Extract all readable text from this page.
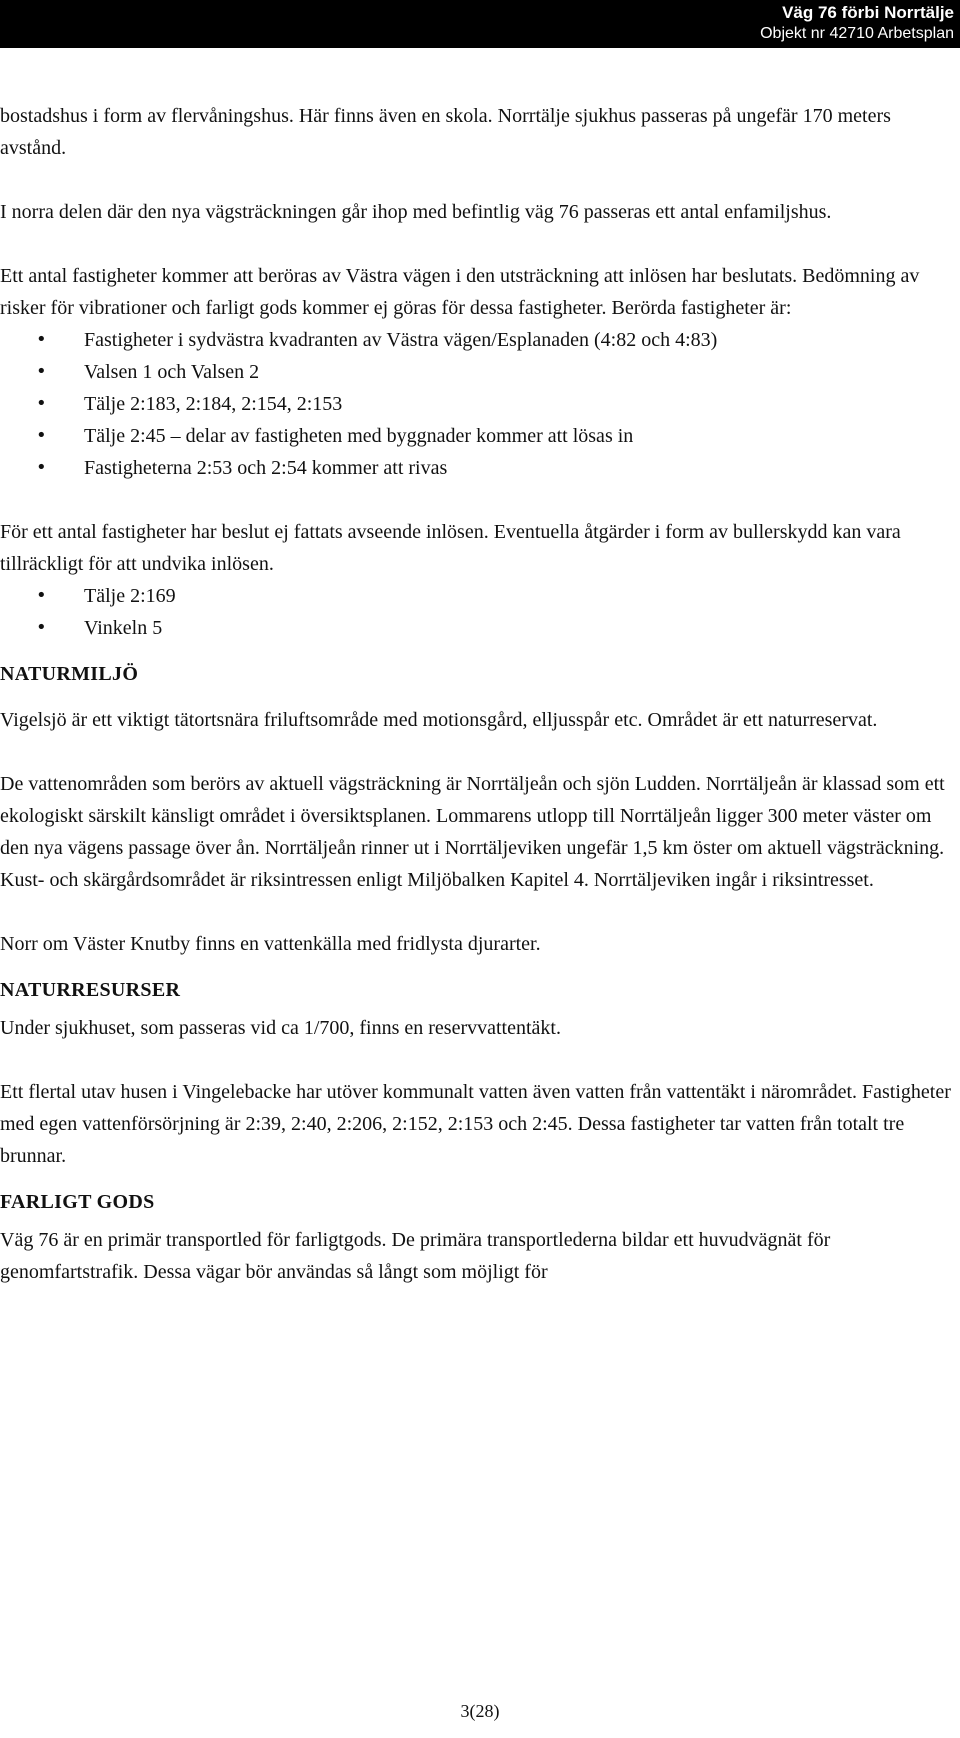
Väg 76 förbi Norrtälje
Objekt nr 42710 Arbetsplan

bostadshus i form av flervåningshus. Här finns även en skola. Norrtälje sjukhus passeras på ungefär 170 meters avstånd.

I norra delen där den nya vägsträckningen går ihop med befintlig väg 76 passeras ett antal enfamiljshus.

Ett antal fastigheter kommer att beröras av Västra vägen i den utsträckning att inlösen har beslutats. Bedömning av risker för vibrationer och farligt gods kommer ej göras för dessa fastigheter. Berörda fastigheter är:

• Fastigheter i sydvästra kvadranten av Västra vägen/Esplanaden (4:82 och 4:83)
• Valsen 1 och Valsen 2
• Tälje 2:183, 2:184, 2:154, 2:153
• Tälje 2:45 – delar av fastigheten med byggnader kommer att lösas in
• Fastigheterna 2:53 och 2:54 kommer att rivas

För ett antal fastigheter har beslut ej fattats avseende inlösen. Eventuella åtgärder i form av bullerskydd kan vara tillräckligt för att undvika inlösen.

• Tälje 2:169
• Vinkeln 5
NATURMILJÖ

Vigelsjö är ett viktigt tätortsnära friluftsområde med motionsgård, elljusspår etc. Området är ett naturreservat.

De vattenområden som berörs av aktuell vägsträckning är Norrtäljeån och sjön Ludden. Norrtäljeån är klassad som ett ekologiskt särskilt känsligt området i översiktsplanen. Lommarens utlopp till Norrtäljeån ligger 300 meter väster om den nya vägens passage över ån. Norrtäljeån rinner ut i Norrtäljeviken ungefär 1,5 km öster om aktuell vägsträckning. Kust- och skärgårdsområdet är riksintressen enligt Miljöbalken Kapitel 4. Norrtäljeviken ingår i riksintresset.

Norr om Väster Knutby finns en vattenkälla med fridlysta djurarter.

NATURRESURSER

Under sjukhuset, som passeras vid ca 1/700, finns en reservvattentäkt.

Ett flertal utav husen i Vingelebacke har utöver kommunalt vatten även vatten från vattentäkt i närområdet. Fastigheter med egen vattenförsörjning är 2:39, 2:40, 2:206, 2:152, 2:153 och 2:45. Dessa fastigheter tar vatten från totalt tre brunnar.

FARLIGT GODS

Väg 76 är en primär transportled för farligtgods. De primära transportlederna bildar ett huvudvägnät för genomfartstrafik. Dessa vägar bör användas så långt som möjligt för

3(28)
